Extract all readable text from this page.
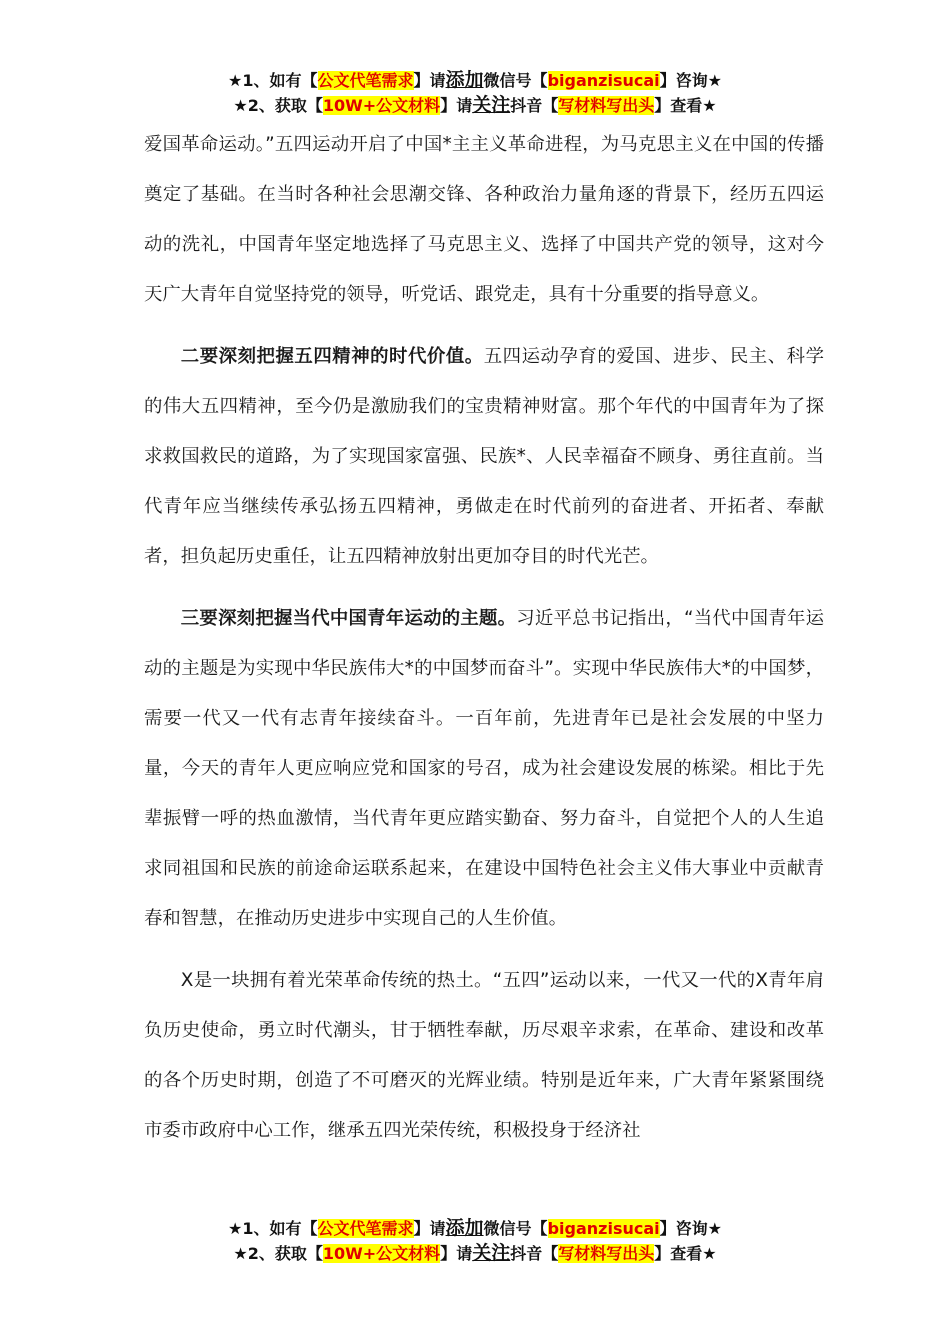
★1、如有【公文代笔需求】请添加微信号【biganzisucai】咨询★
★2、获取【10W+公文材料】请关注抖音【写材料写出头】查看★

爱国革命运动。”五四运动开启了中国*主主义革命进程，为马克思主义在中国的传播奠定了基础。在当时各种社会思潮交锋、各种政治力量角逐的背景下，经历五四运动的洗礼，中国青年坚定地选择了马克思主义、选择了中国共产党的领导，这对今天广大青年自觉坚持党的领导，听党话、跟党走，具有十分重要的指导意义。

二要深刻把握五四精神的时代价值。五四运动孕育的爱国、进步、民主、科学的伟大五四精神，至今仍是激励我们的宝贵精神财富。那个年代的中国青年为了探求救国救民的道路，为了实现国家富强、民族*、人民幸福奋不顾身、勇往直前。当代青年应当继续传承弘扬五四精神，勇做走在时代前列的奋进者、开拓者、奉献者，担负起历史重任，让五四精神放射出更加夺目的时代光芒。

三要深刻把握当代中国青年运动的主题。习近平总书记指出，“当代中国青年运动的主题是为实现中华民族伟大*的中国梦而奋斗”。实现中华民族伟大*的中国梦，需要一代又一代有志青年接续奋斗。一百年前，先进青年已是社会发展的中坚力量，今天的青年人更应响应党和国家的号召，成为社会建设发展的栋梁。相比于先辈振臂一呼的热血激情，当代青年更应踏实勤奋、努力奋斗，自觉把个人的人生追求同祖国和民族的前途命运联系起来，在建设中国特色社会主义伟大事业中贡献青春和智慧，在推动历史进步中实现自己的人生价值。

X是一块拥有着光荣革命传统的热土。“五四”运动以来，一代又一代的X青年肩负历史使命，勇立时代潮头，甘于牺牲奉献，历尽艰辛求索，在革命、建设和改革的各个历史时期，创造了不可磨灭的光辉业绩。特别是近年来，广大青年紧紧围绕市委市政府中心工作，继承五四光荣传统，积极投身于经济社

★1、如有【公文代笔需求】请添加微信号【biganzisucai】咨询★
★2、获取【10W+公文材料】请关注抖音【写材料写出头】查看★
